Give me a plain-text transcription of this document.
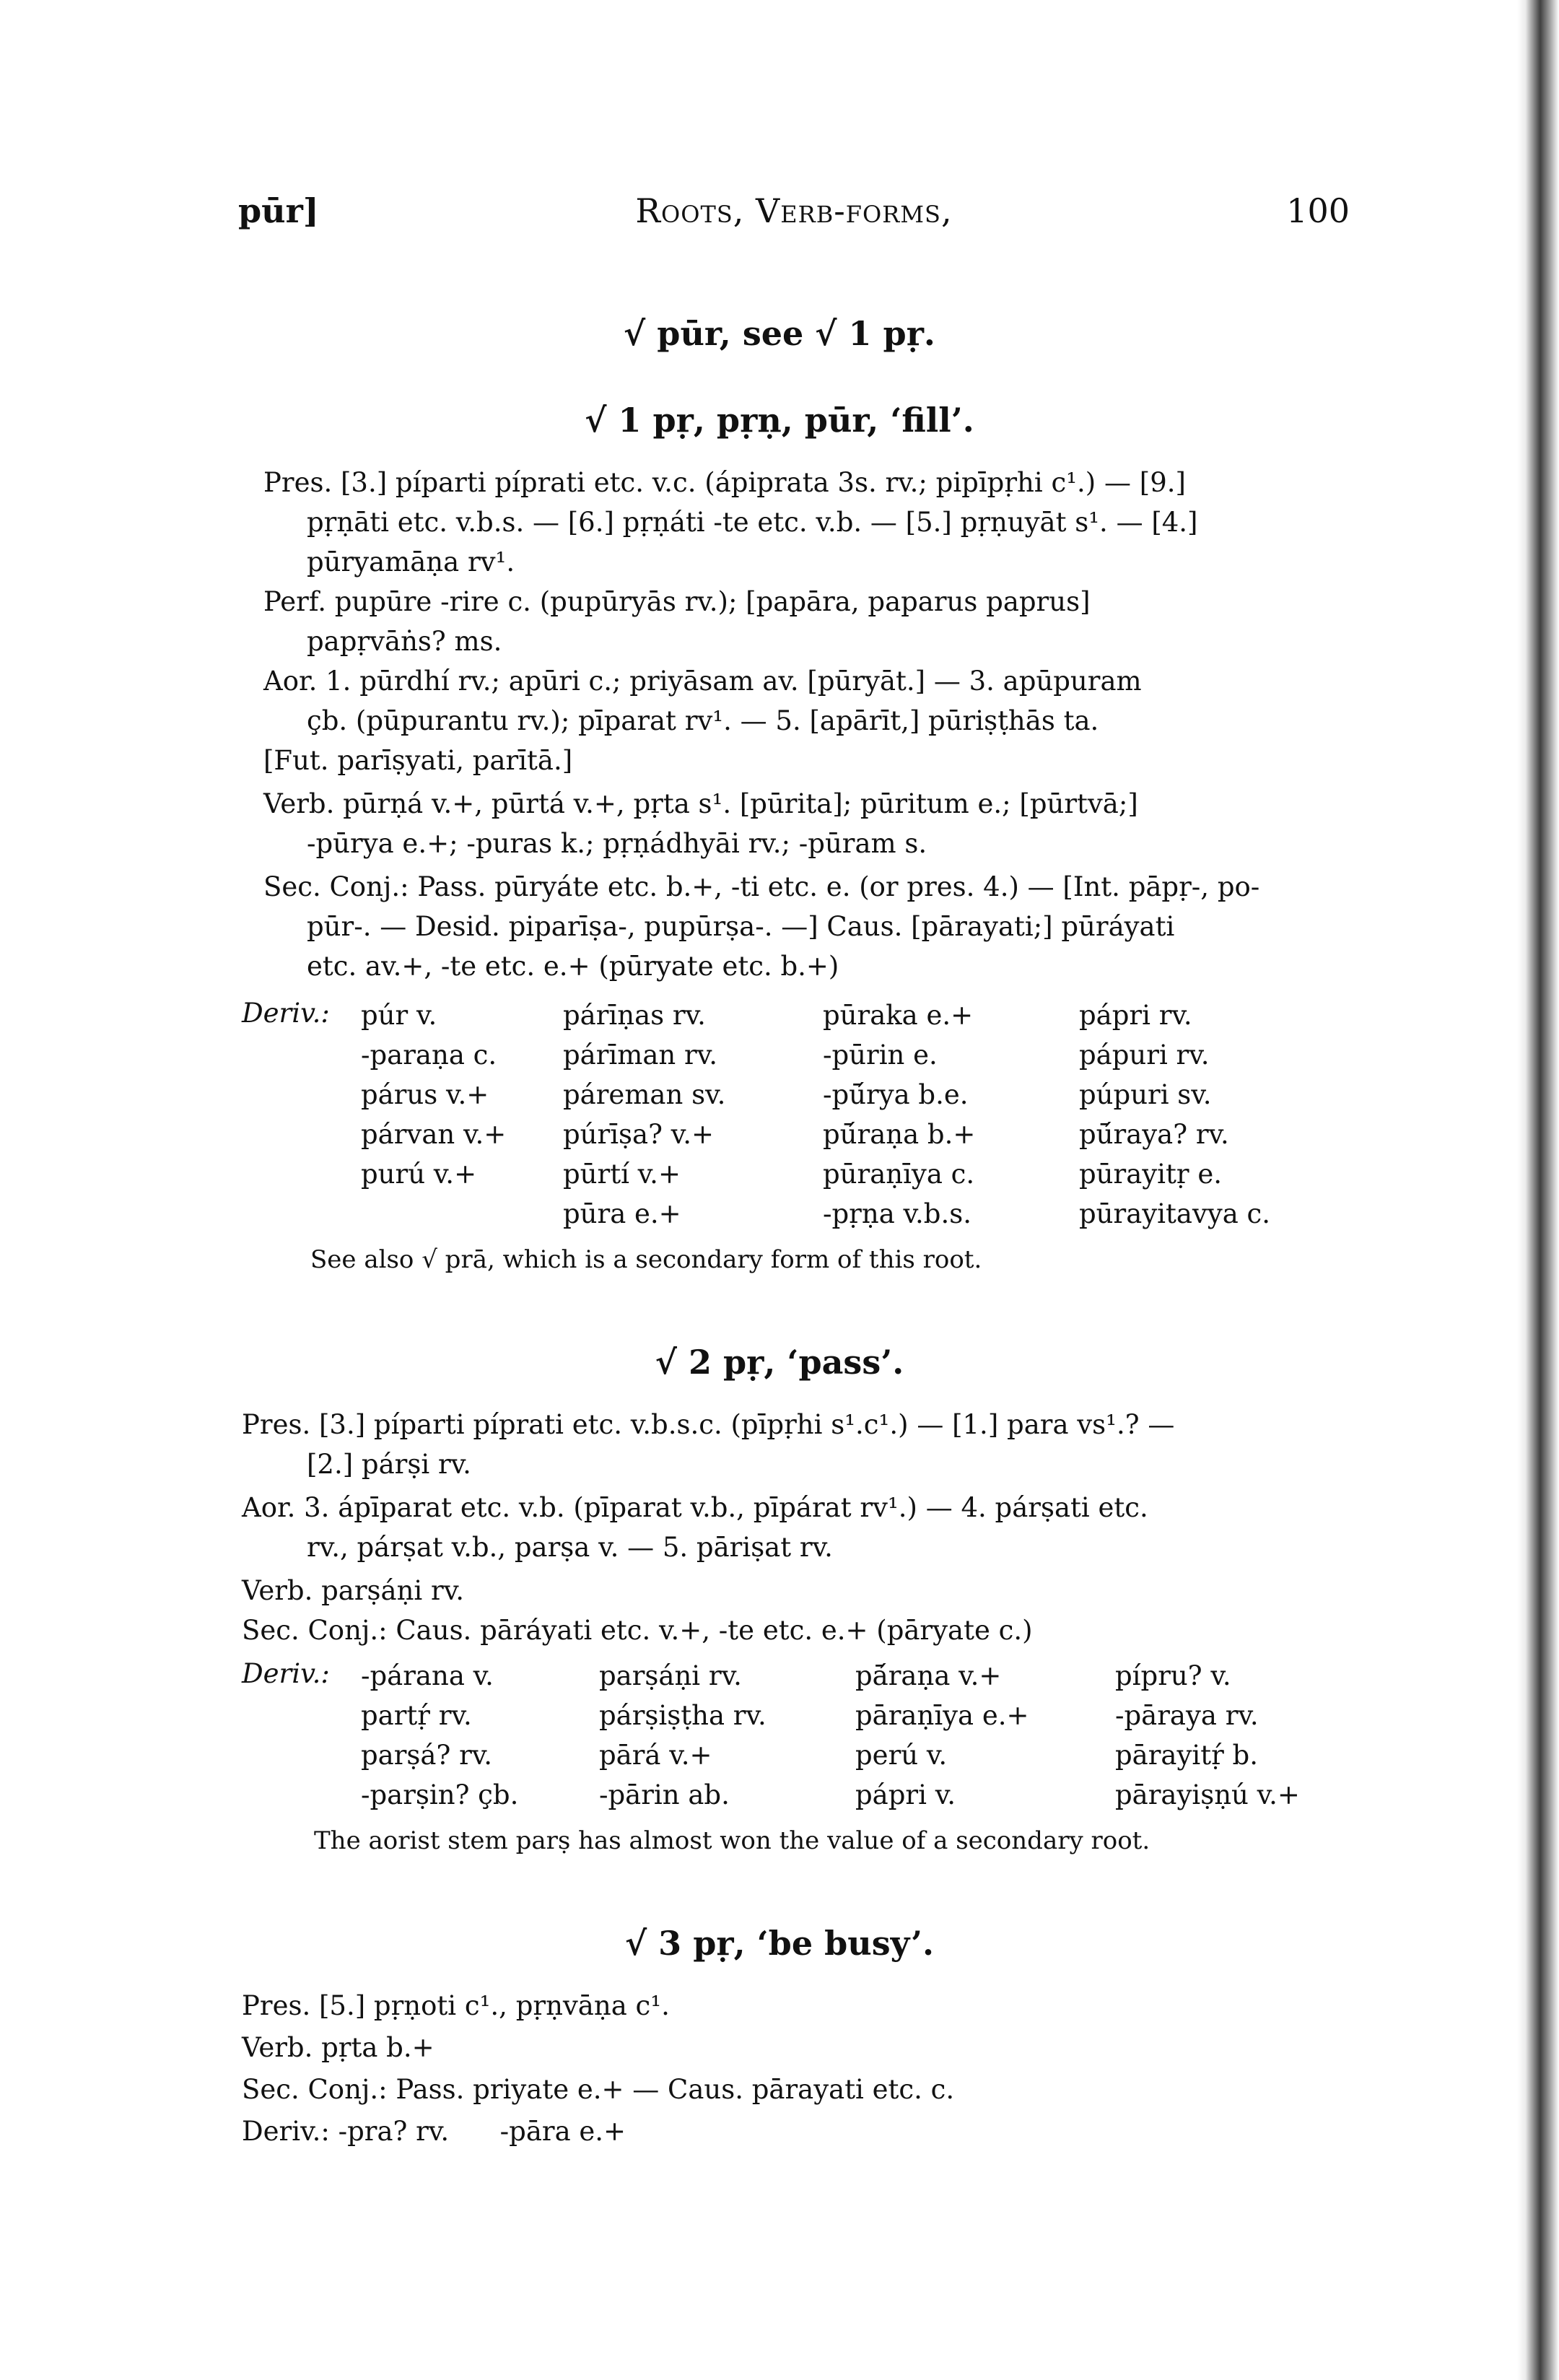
pūr]	Roots, Verb-forms,	100
√ pūr, see √ 1 pṛ.
√ 1 pṛ, pṛṇ, pūr, ‘fill’.
Pres. [3.] píparti píprati etc. v.c. (ápiprata 3s. rv.; pipīpṛhi c¹.) — [9.]
pṛṇāti etc. v.b.s. — [6.] pṛṇáti -te etc. v.b. — [5.] pṛṇuyāt s¹. — [4.]
pūryamāṇa rv¹.
Perf. pupūre -rire c. (pupūryās rv.); [papāra, paparus paprus]
papṛvāṅs? ms.
Aor. 1. pūrdhí rv.; apūri c.; priyāsam av. [pūryāt.] — 3. apūpuram
çb. (pūpurantu rv.); pīparat rv¹. — 5. [apārīt,] pūriṣṭhās ta.
[Fut. parīṣyati, parītā.]
Verb. pūrṇá v.+, pūrtá v.+, pṛta s¹. [pūrita]; pūritum e.; [pūrtvā;]
-pūrya e.+; -puras k.; pṛṇádhyāi rv.; -pūram s.
Sec. Conj.: Pass. pūryáte etc. b.+, -ti etc. e. (or pres. 4.) — [Int. pāpṛ-, po-
pūr-. — Desid. piparīṣa-, pupūrṣa-. —] Caus. [pārayati;] pūráyati
etc. av.+, -te etc. e.+ (pūryate etc. b.+)
Deriv.: púr v.
-paraṇa c.
párus v.+
párvan v.+
purú v.+
párīṇas rv.
párīman rv.
páreman sv.
púrīṣa? v.+
pūrtí v.+
pūra e.+
pūraka e.+
-pūrin e.
-pū́rya b.e.
pū́raṇa b.+
pūraṇīya c.
-pṛṇa v.b.s.
pápri rv.
pápuri rv.
púpuri sv.
pū́raya? rv.
pūrayitṛ e.
pūrayitavya c.
See also √ prā, which is a secondary form of this root.
√ 2 pṛ, ‘pass’.
Pres. [3.] píparti píprati etc. v.b.s.c. (pīpṛhi s¹.c¹.) — [1.] para vs¹.? —
[2.] párṣi rv.
Aor. 3. ápīparat etc. v.b. (pīparat v.b., pīpárat rv¹.) — 4. párṣati etc.
rv., párṣat v.b., parṣa v. — 5. pāriṣat rv.
Verb. parṣáṇi rv.
Sec. Conj.: Caus. pāráyati etc. v.+, -te etc. e.+ (pāryate c.)
Deriv.: -párana v.
partṛ́ rv.
parṣá? rv.
-parṣin? çb.
parṣáṇi rv.
párṣiṣṭha rv.
pārá v.+
-pārin ab.
pā́raṇa v.+
pāraṇīya e.+
perú v.
pápri v.
pípru? v.
-pāraya rv.
pārayitṛ́ b.
pārayiṣṇú v.+
The aorist stem parṣ has almost won the value of a secondary root.
√ 3 pṛ, ‘be busy’.
Pres. [5.] pṛṇoti c¹., pṛṇvāṇa c¹.
Verb. pṛta b.+
Sec. Conj.: Pass. priyate e.+ — Caus. pārayati etc. c.
Deriv.: -pra? rv.      -pāra e.+
